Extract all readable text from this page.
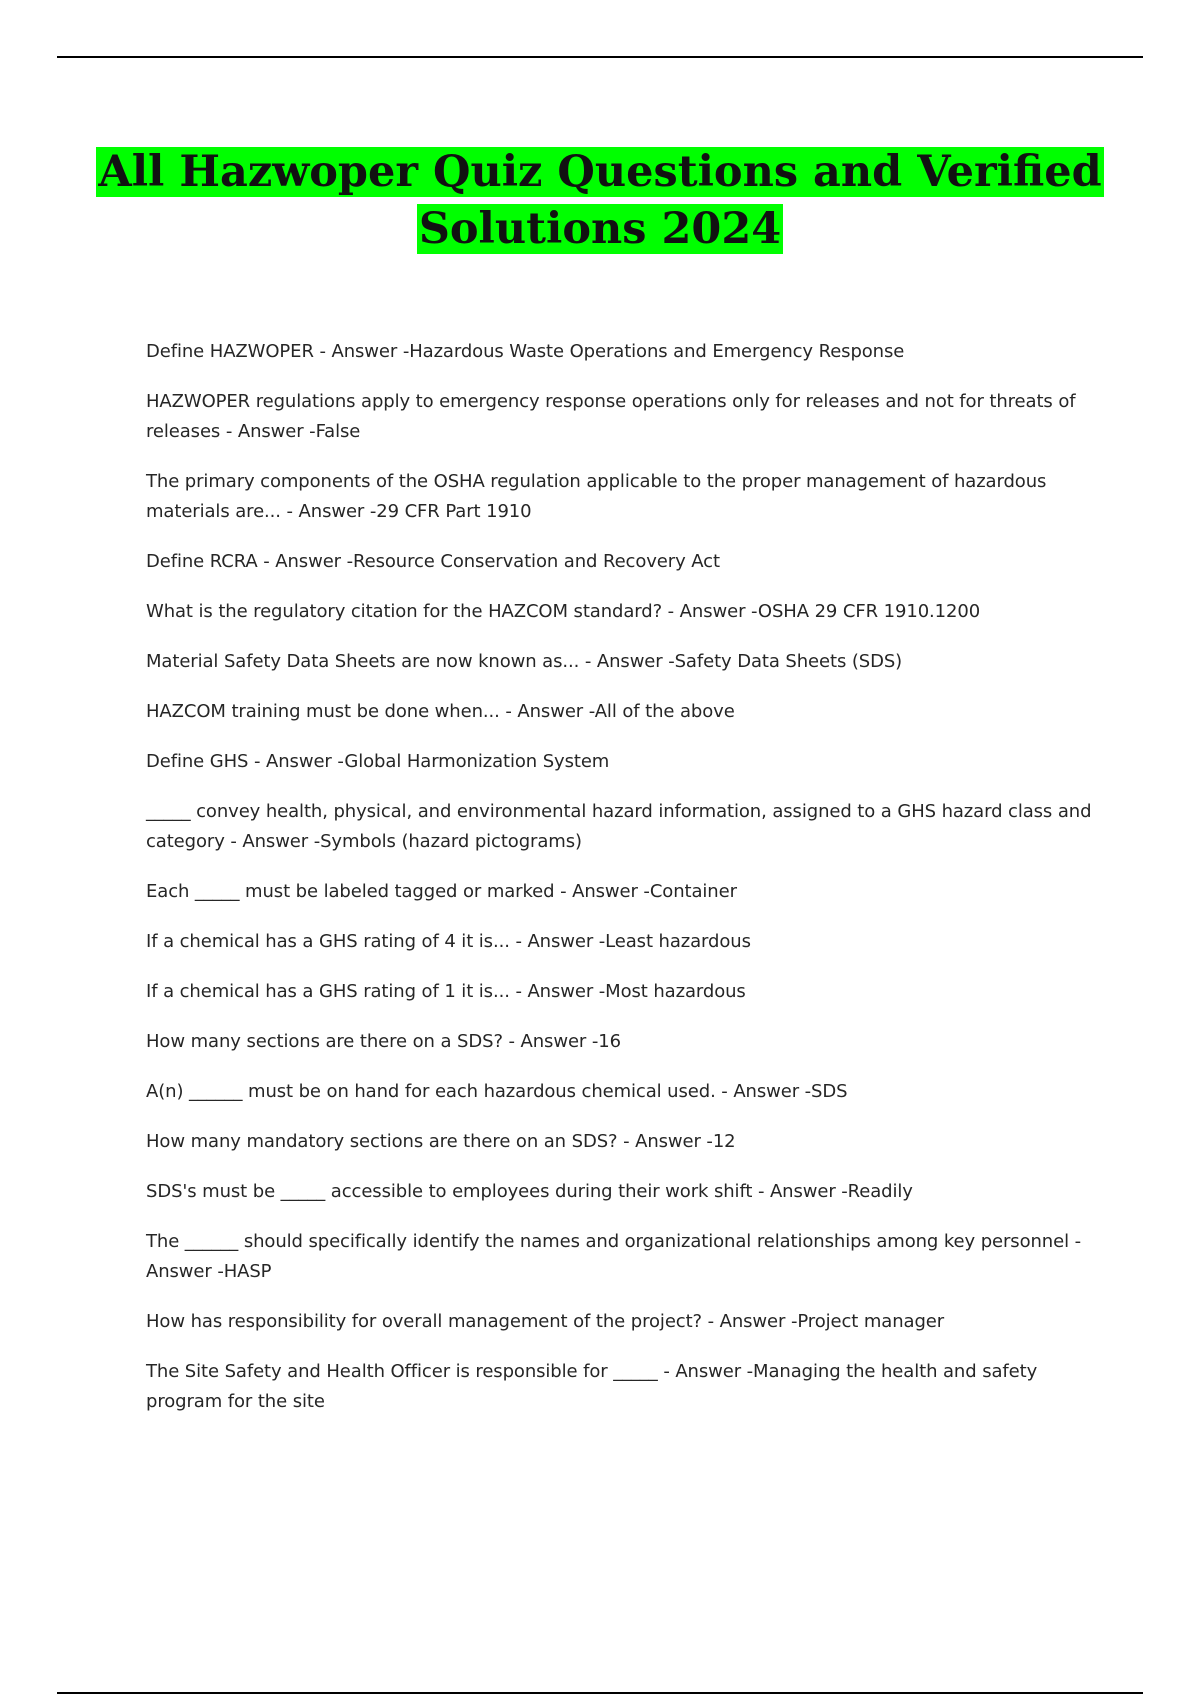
All Hazwoper Quiz Questions and Verified Solutions 2024
Define HAZWOPER - Answer -Hazardous Waste Operations and Emergency Response
HAZWOPER regulations apply to emergency response operations only for releases and not for threats of releases - Answer -False
The primary components of the OSHA regulation applicable to the proper management of hazardous materials are... - Answer -29 CFR Part 1910
Define RCRA - Answer -Resource Conservation and Recovery Act
What is the regulatory citation for the HAZCOM standard? - Answer -OSHA 29 CFR 1910.1200
Material Safety Data Sheets are now known as... - Answer -Safety Data Sheets (SDS)
HAZCOM training must be done when... - Answer -All of the above
Define GHS - Answer -Global Harmonization System
_____ convey health, physical, and environmental hazard information, assigned to a GHS hazard class and category - Answer -Symbols (hazard pictograms)
Each _____ must be labeled tagged or marked - Answer -Container
If a chemical has a GHS rating of 4 it is... - Answer -Least hazardous
If a chemical has a GHS rating of 1 it is... - Answer -Most hazardous
How many sections are there on a SDS? - Answer -16
A(n) ______ must be on hand for each hazardous chemical used. - Answer -SDS
How many mandatory sections are there on an SDS? - Answer -12
SDS's must be _____ accessible to employees during their work shift - Answer -Readily
The ______ should specifically identify the names and organizational relationships among key personnel - Answer -HASP
How has responsibility for overall management of the project? - Answer -Project manager
The Site Safety and Health Officer is responsible for _____ - Answer -Managing the health and safety program for the site
